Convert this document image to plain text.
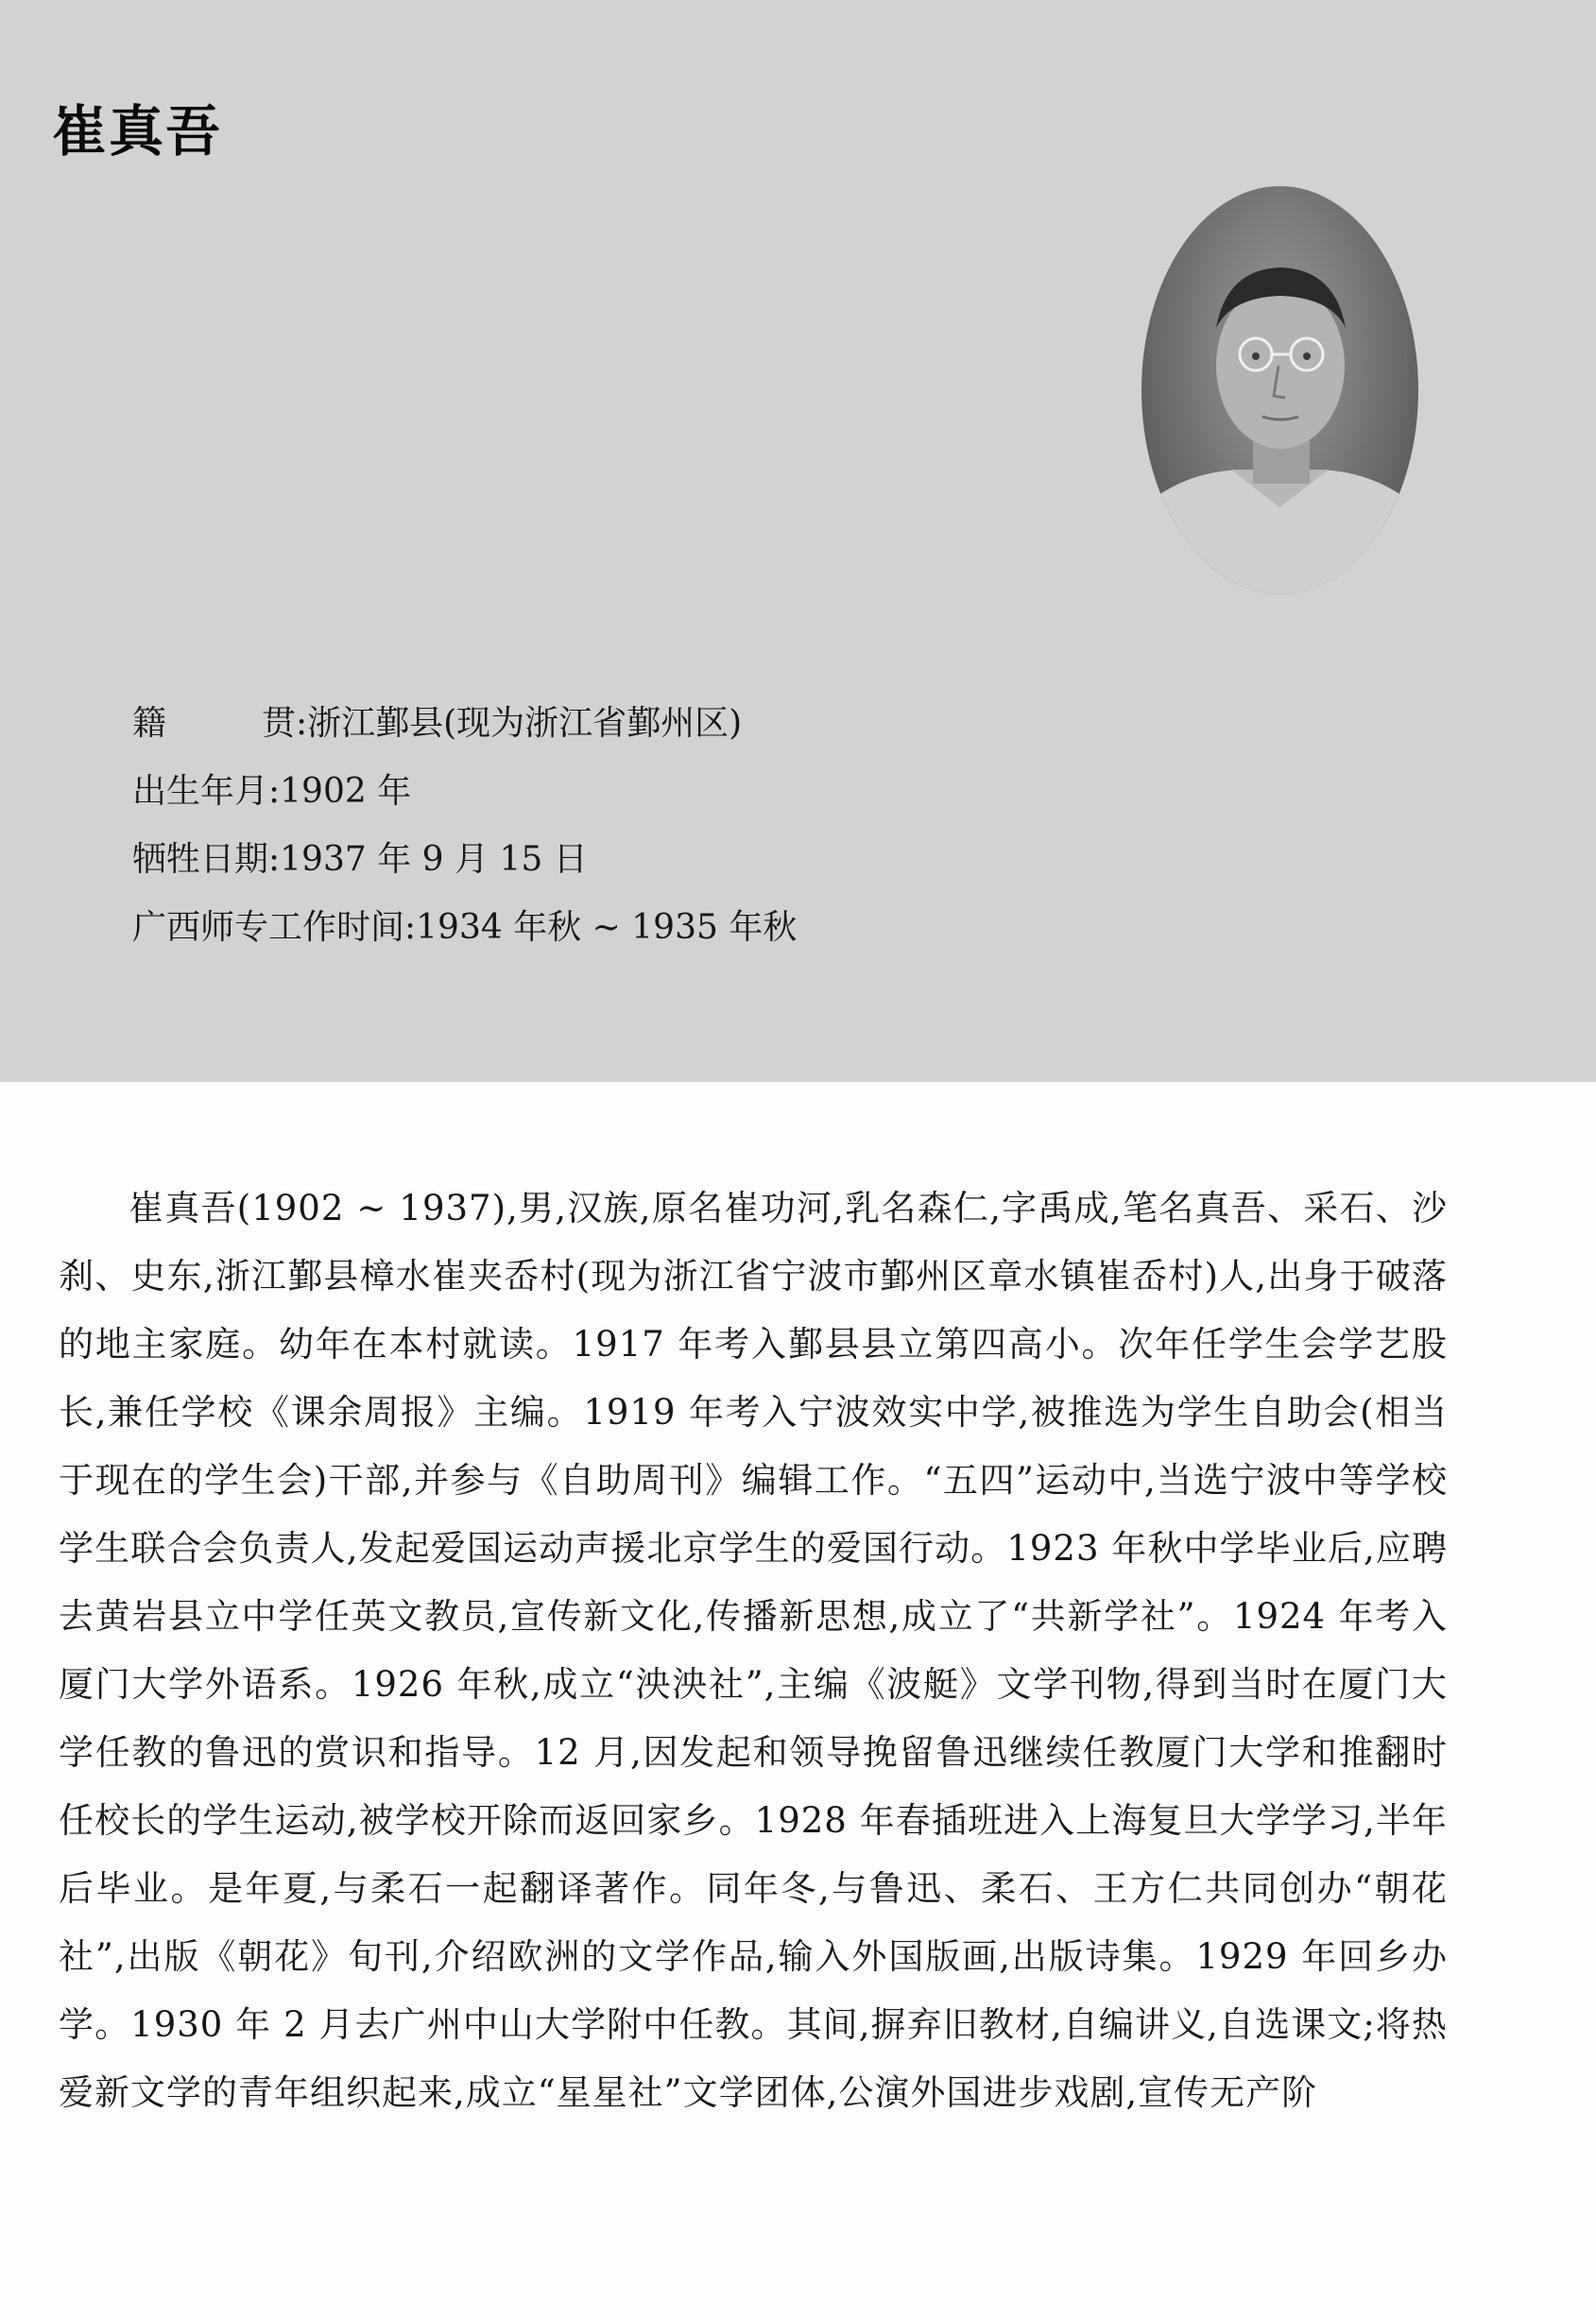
崔真吾
籍贯:浙江鄞县(现为浙江省鄞州区)
出生年月:1902 年
牺牲日期:1937 年 9 月 15 日
广西师专工作时间:1934 年秋 ~ 1935 年秋

崔真吾(1902 ~ 1937),男,汉族,原名崔功河,乳名森仁,字禹成,笔名真吾、采石、沙刹、史东,浙江鄞县樟水崔夹岙村(现为浙江省宁波市鄞州区章水镇崔岙村)人,出身于破落的地主家庭。幼年在本村就读。1917 年考入鄞县县立第四高小。次年任学生会学艺股长,兼任学校《课余周报》主编。1919 年考入宁波效实中学,被推选为学生自助会(相当于现在的学生会)干部,并参与《自助周刊》编辑工作。“五四”运动中,当选宁波中等学校学生联合会负责人,发起爱国运动声援北京学生的爱国行动。1923 年秋中学毕业后,应聘去黄岩县立中学任英文教员,宣传新文化,传播新思想,成立了“共新学社”。1924 年考入厦门大学外语系。1926 年秋,成立“泱泱社”,主编《波艇》文学刊物,得到当时在厦门大学任教的鲁迅的赏识和指导。12 月,因发起和领导挽留鲁迅继续任教厦门大学和推翻时任校长的学生运动,被学校开除而返回家乡。1928 年春插班进入上海复旦大学学习,半年后毕业。是年夏,与柔石一起翻译著作。同年冬,与鲁迅、柔石、王方仁共同创办“朝花社”,出版《朝花》旬刊,介绍欧洲的文学作品,输入外国版画,出版诗集。1929 年回乡办学。1930 年 2 月去广州中山大学附中任教。其间,摒弃旧教材,自编讲义,自选课文;将热爱新文学的青年组织起来,成立“星星社”文学团体,公演外国进步戏剧,宣传无产阶
